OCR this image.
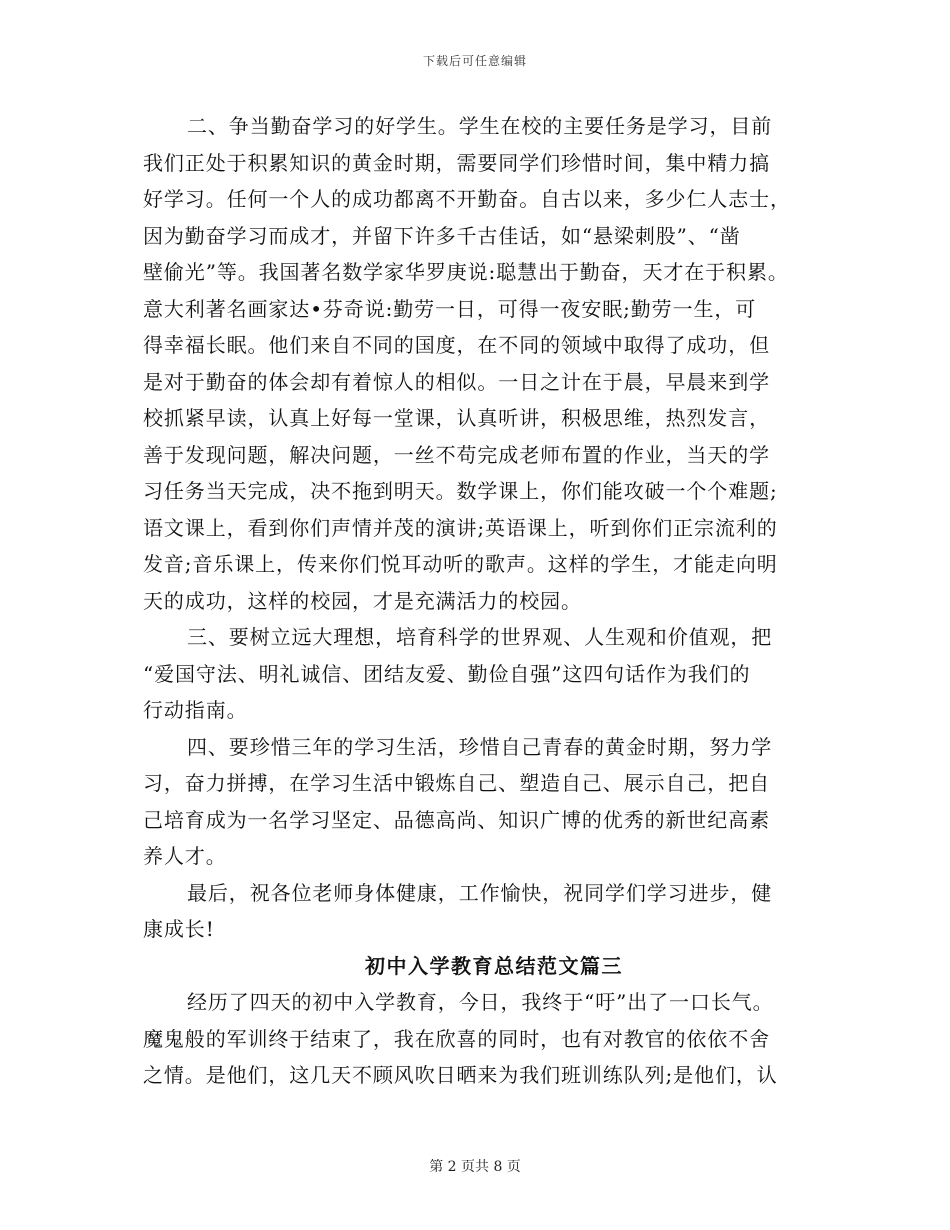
下载后可任意编辑
二、争当勤奋学习的好学生。学生在校的主要任务是学习，目前
我们正处于积累知识的黄金时期，需要同学们珍惜时间，集中精力搞
好学习。任何一个人的成功都离不开勤奋。自古以来，多少仁人志士，
因为勤奋学习而成才，并留下许多千古佳话，如“悬梁刺股”、“凿
壁偷光”等。我国著名数学家华罗庚说:聪慧出于勤奋，天才在于积累。
意大利著名画家达•芬奇说:勤劳一日，可得一夜安眠;勤劳一生，可
得幸福长眠。他们来自不同的国度，在不同的领域中取得了成功，但
是对于勤奋的体会却有着惊人的相似。一日之计在于晨，早晨来到学
校抓紧早读，认真上好每一堂课，认真听讲，积极思维，热烈发言，
善于发现问题，解决问题，一丝不苟完成老师布置的作业，当天的学
习任务当天完成，决不拖到明天。数学课上，你们能攻破一个个难题;
语文课上，看到你们声情并茂的演讲;英语课上，听到你们正宗流利的
发音;音乐课上，传来你们悦耳动听的歌声。这样的学生，才能走向明
天的成功，这样的校园，才是充满活力的校园。
三、要树立远大理想，培育科学的世界观、人生观和价值观，把
“爱国守法、明礼诚信、团结友爱、勤俭自强”这四句话作为我们的
行动指南。
四、要珍惜三年的学习生活，珍惜自己青春的黄金时期，努力学
习，奋力拼搏，在学习生活中锻炼自己、塑造自己、展示自己，把自
己培育成为一名学习坚定、品德高尚、知识广博的优秀的新世纪高素
养人才。
最后，祝各位老师身体健康，工作愉快，祝同学们学习进步，健
康成长!
初中入学教育总结范文篇三
经历了四天的初中入学教育，今日，我终于“吁”出了一口长气。
魔鬼般的军训终于结束了，我在欣喜的同时，也有对教官的依依不舍
之情。是他们，这几天不顾风吹日晒来为我们班训练队列;是他们，认
第 2 页共 8 页
